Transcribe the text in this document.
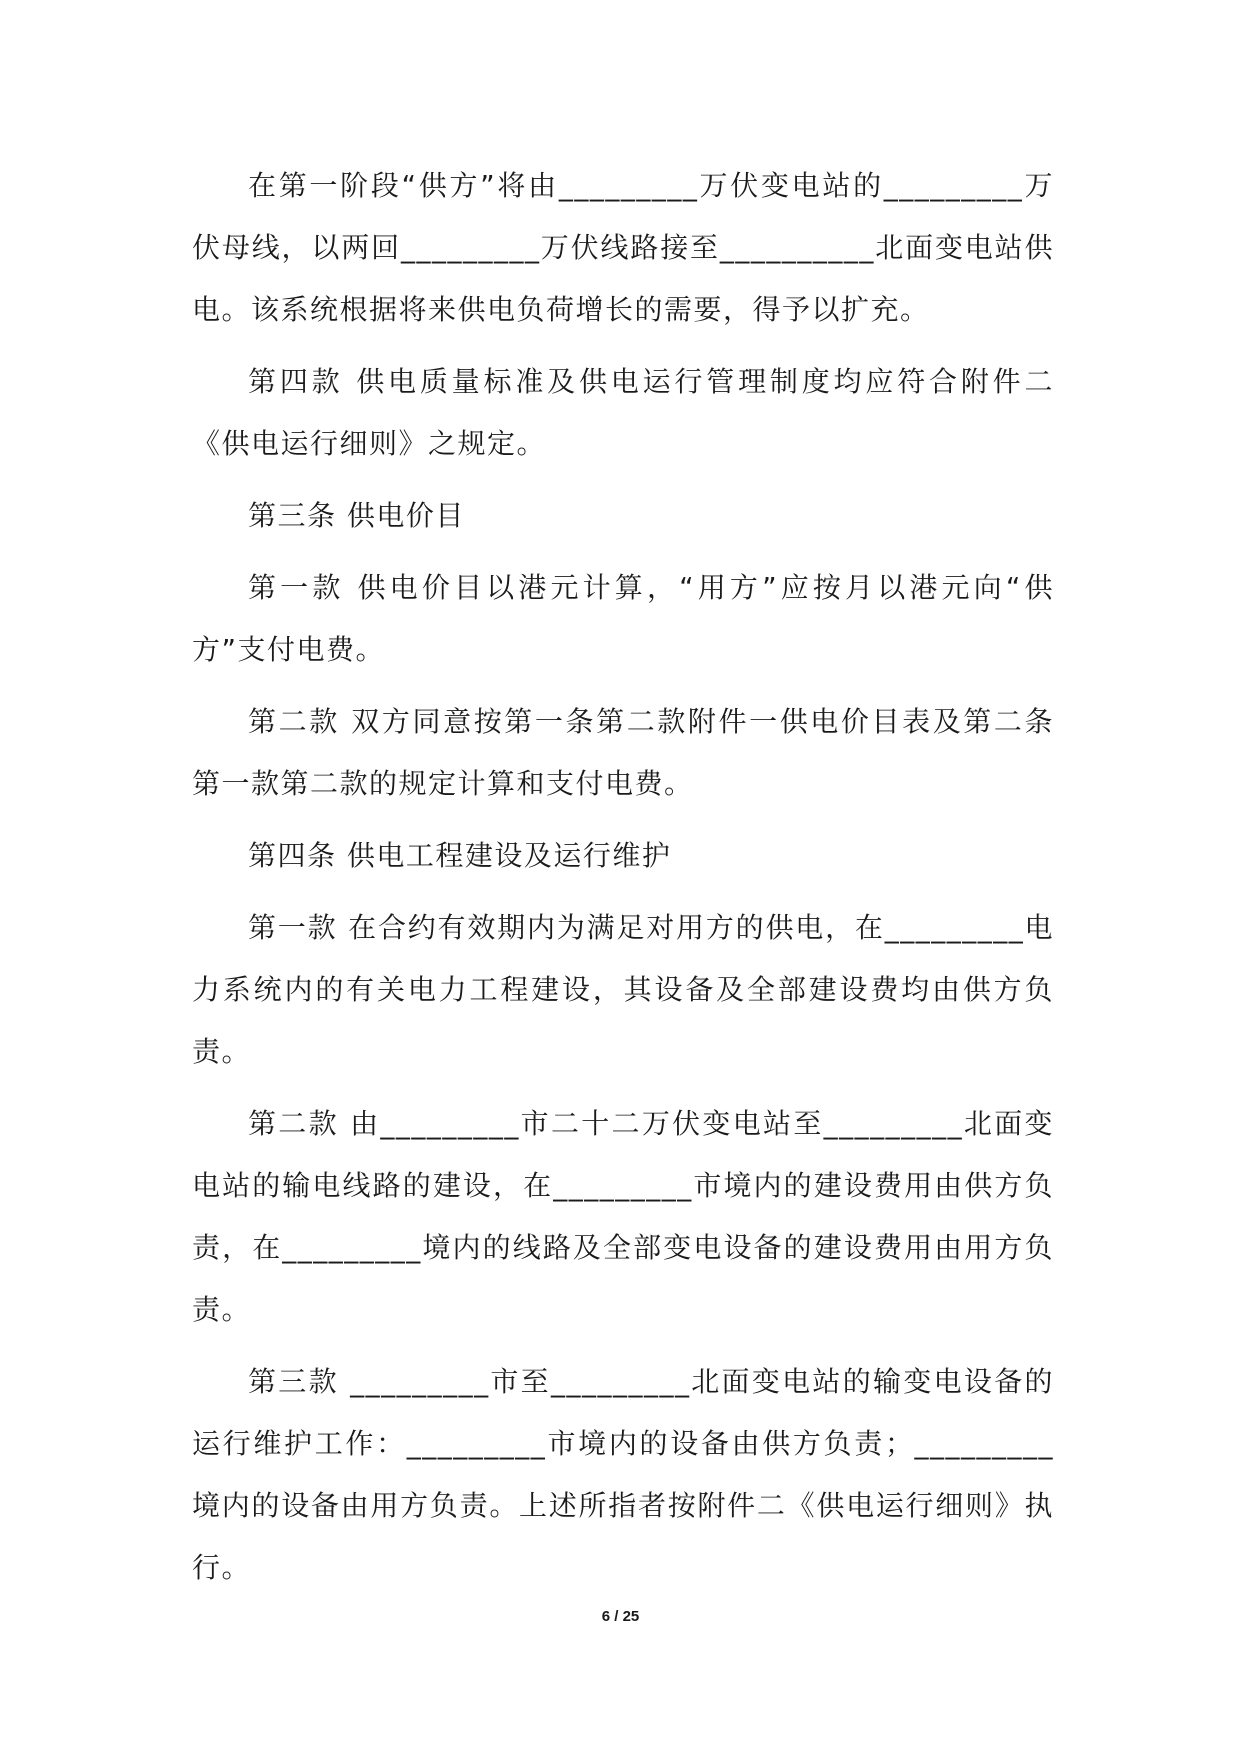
在第一阶段“供方”将由_________万伏变电站的_________万伏母线，以两回_________万伏线路接至__________北面变电站供电。该系统根据将来供电负荷增长的需要，得予以扩充。

第四款 供电质量标准及供电运行管理制度均应符合附件二《供电运行细则》之规定。

第三条 供电价目

第一款 供电价目以港元计算，“用方”应按月以港元向“供方”支付电费。

第二款 双方同意按第一条第二款附件一供电价目表及第二条第一款第二款的规定计算和支付电费。

第四条 供电工程建设及运行维护

第一款 在合约有效期内为满足对用方的供电，在_________电力系统内的有关电力工程建设，其设备及全部建设费均由供方负责。

第二款 由_________市二十二万伏变电站至_________北面变电站的输电线路的建设，在_________市境内的建设费用由供方负责，在_________境内的线路及全部变电设备的建设费用由用方负责。

第三款 _________市至_________北面变电站的输变电设备的运行维护工作：_________市境内的设备由供方负责；_________境内的设备由用方负责。上述所指者按附件二《供电运行细则》执行。

6 / 25
